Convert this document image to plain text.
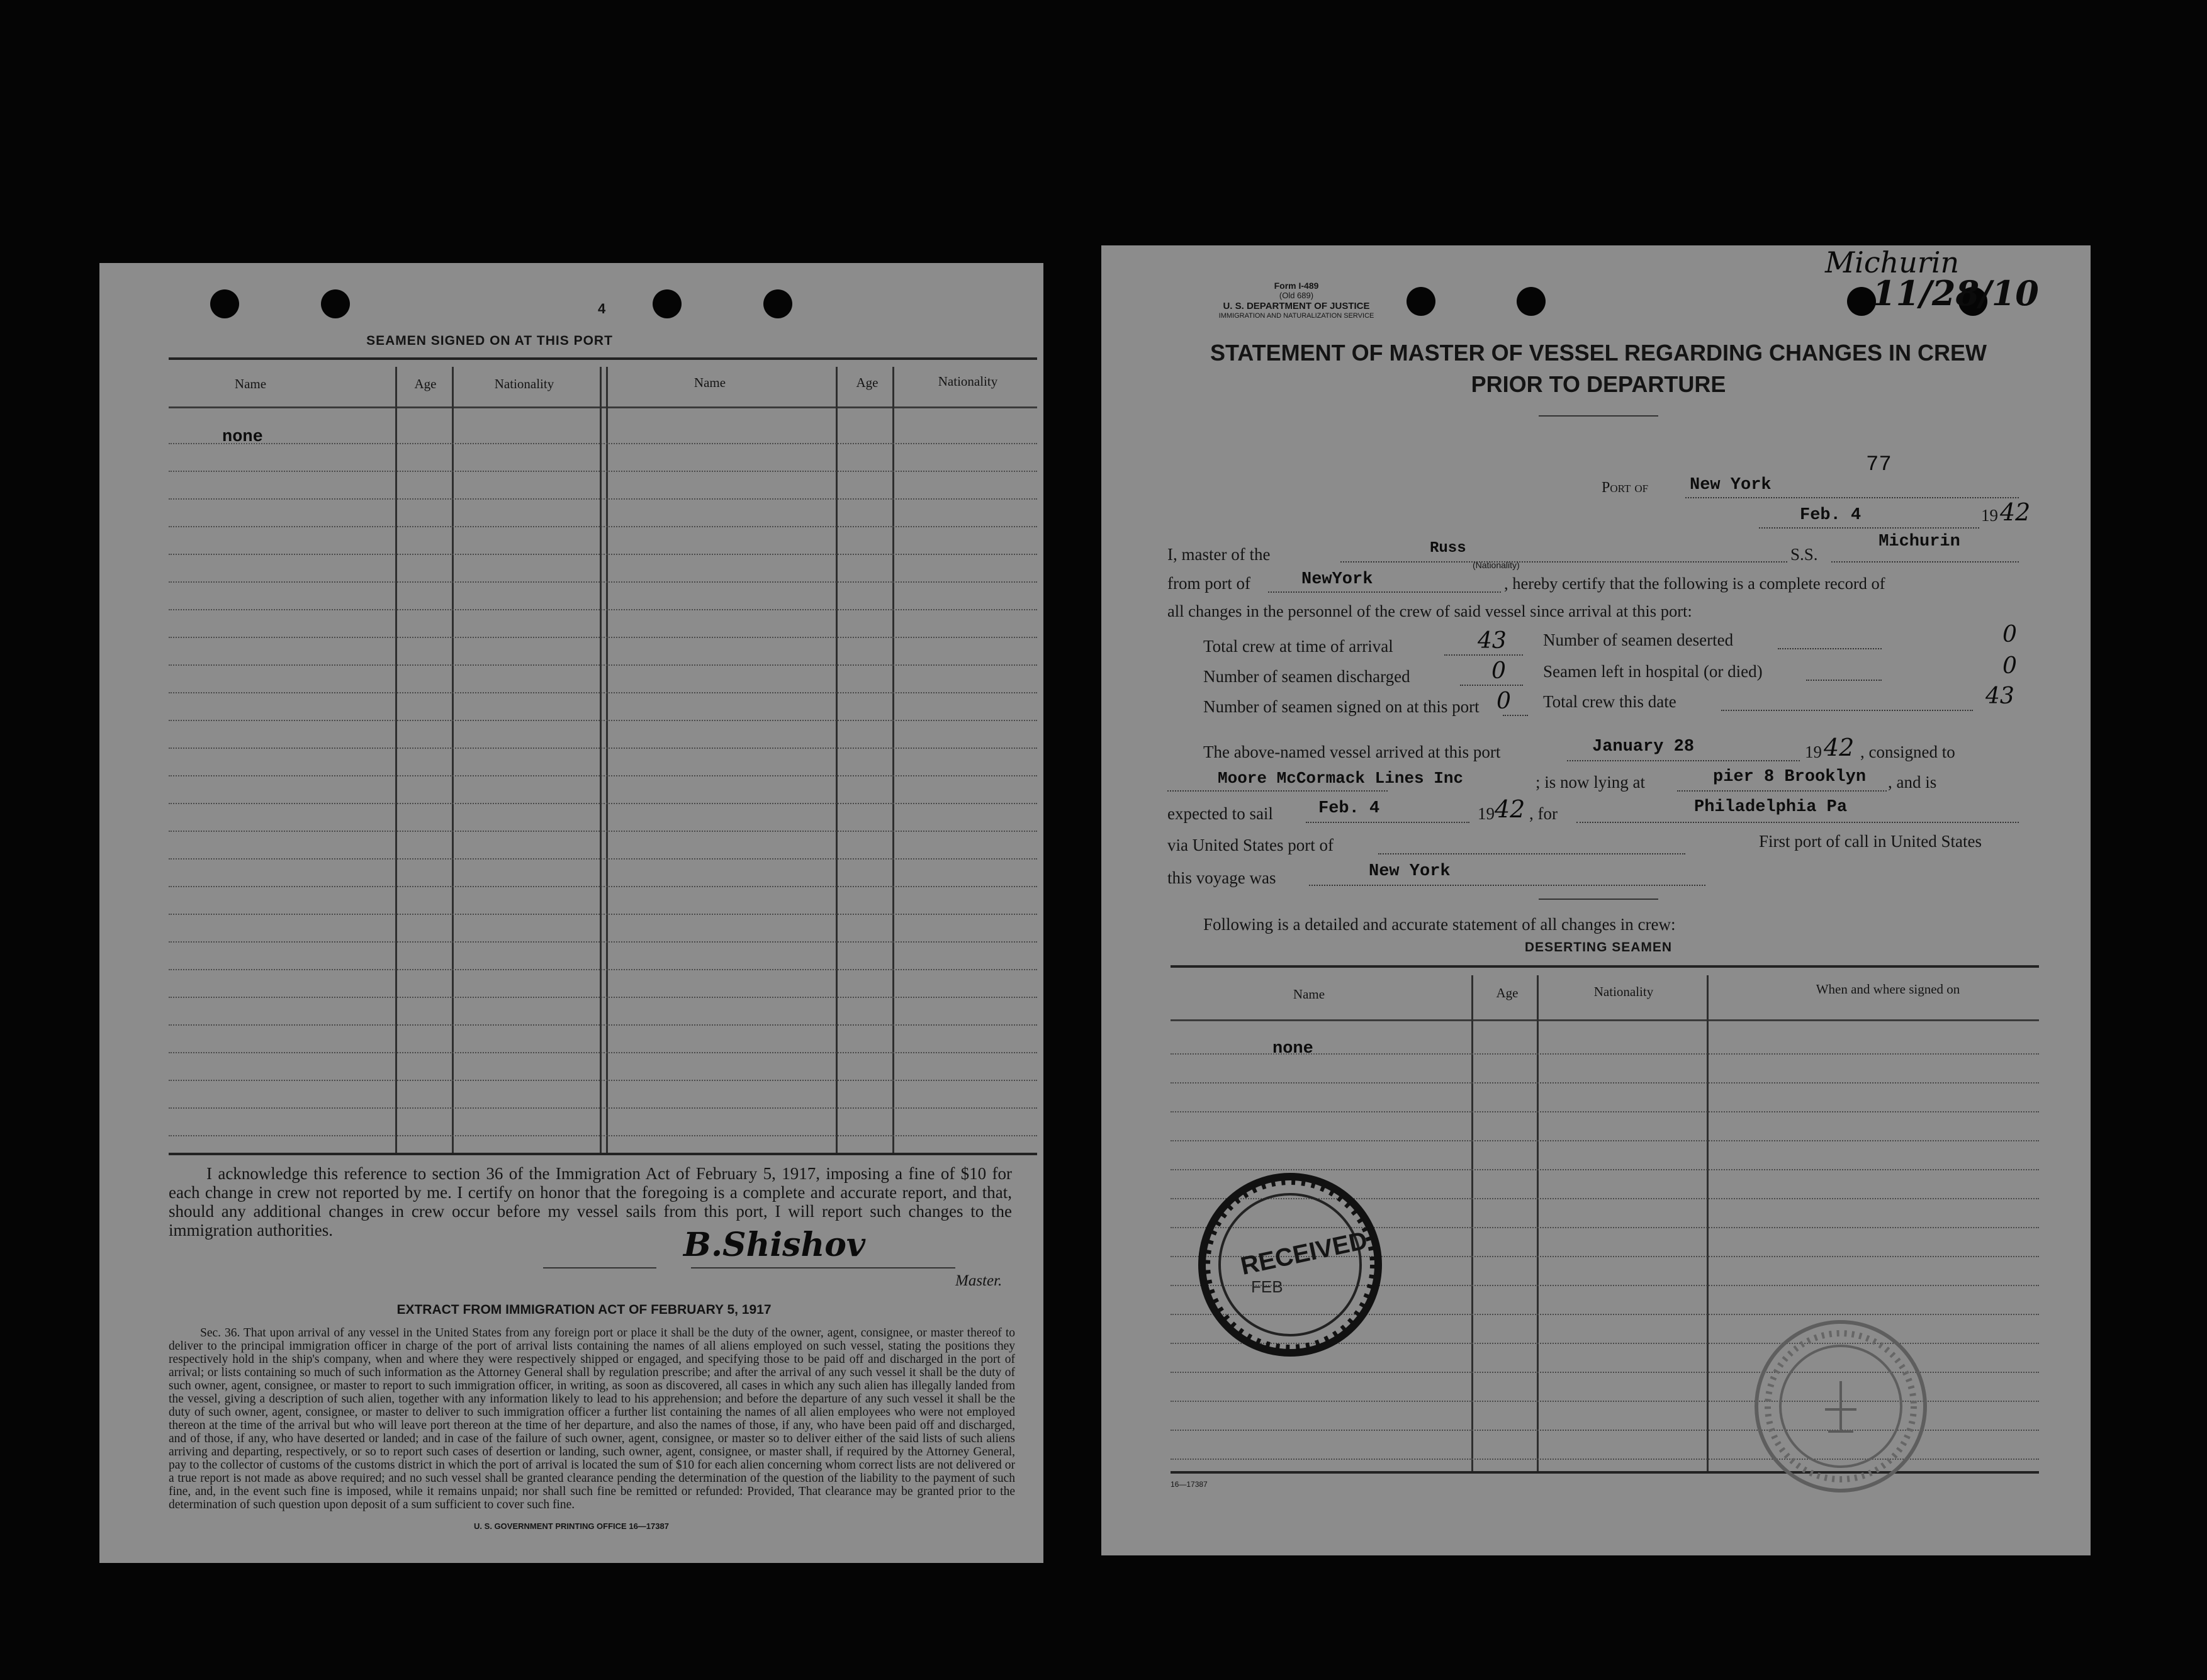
4
SEAMEN SIGNED ON AT THIS PORT
Name	Age	Nationality	Name	Age	Nationality
none
I acknowledge this reference to section 36 of the Immigration Act of February 5, 1917, imposing a fine of $10 for each change in crew not reported by me. I certify on honor that the foregoing is a complete and accurate report, and that, should any additional changes in crew occur before my vessel sails from this port, I will report such changes to the immigration authorities.	B.Shishov
Master.
EXTRACT FROM IMMIGRATION ACT OF FEBRUARY 5, 1917
Sec. 36. That upon arrival of any vessel in the United States from any foreign port or place it shall be the duty of the owner, agent, consignee, or master thereof to deliver to the principal immigration officer in charge of the port of arrival lists containing the names of all aliens employed on such vessel, stating the positions they respectively hold in the ship's company, when and where they were respectively shipped or engaged, and specifying those to be paid off and discharged in the port of arrival; or lists containing so much of such information as the Attorney General shall by regulation prescribe; and after the arrival of any such vessel it shall be the duty of such owner, agent, consignee, or master to report to such immigration officer, in writing, as soon as discovered, all cases in which any such alien has illegally landed from the vessel, giving a description of such alien, together with any information likely to lead to his apprehension; and before the departure of any such vessel it shall be the duty of such owner, agent, consignee, or master to deliver to such immigration officer a further list containing the names of all alien employees who were not employed thereon at the time of the arrival but who will leave port thereon at the time of her departure, and also the names of those, if any, who have been paid off and discharged, and of those, if any, who have deserted or landed; and in case of the failure of such owner, agent, consignee, or master so to deliver either of the said lists of such aliens arriving and departing, respectively, or so to report such cases of desertion or landing, such owner, agent, consignee, or master shall, if required by the Attorney General, pay to the collector of customs of the customs district in which the port of arrival is located the sum of $10 for each alien concerning whom correct lists are not delivered or a true report is not made as above required; and no such vessel shall be granted clearance pending the determination of the question of the liability to the payment of such fine, and, in the event such fine is imposed, while it remains unpaid; nor shall such fine be remitted or refunded: Provided, That clearance may be granted prior to the determination of such question upon deposit of a sum sufficient to cover such fine.
U. S. GOVERNMENT PRINTING OFFICE 16—17387
Form I-489
(Old 689)
U. S. DEPARTMENT OF JUSTICE
IMMIGRATION AND NATURALIZATION SERVICE
Michurin
11/28/10
STATEMENT OF MASTER OF VESSEL REGARDING CHANGES IN CREW
PRIOR TO DEPARTURE
77
Port of New York
Feb. 4	19 42
I, master of the	Russ
(Nationality)
S.S.
Michurin
from port of	NewYork	, hereby certify that the following is a complete record of
all changes in the personnel of the crew of said vessel since arrival at this port:
Total crew at time of arrival	43
Number of seamen discharged	0
Number of seamen signed on at this port 0
Number of seamen deserted	0
Seamen left in hospital (or died)	0
Total crew this date	43
The above-named vessel arrived at this port	January 28	19 42 , consigned to
Moore McCormack Lines Inc	; is now lying at	pier 8 Brooklyn , and is
expected to sail	Feb. 4	19 42 , for	Philadelphia Pa
via United States port of	First port of call in United States
this voyage was	New York
Following is a detailed and accurate statement of all changes in crew:
DESERTING SEAMEN
Name	Age	Nationality	When and where signed on
none
RECEIVED
FEB
16—17387
